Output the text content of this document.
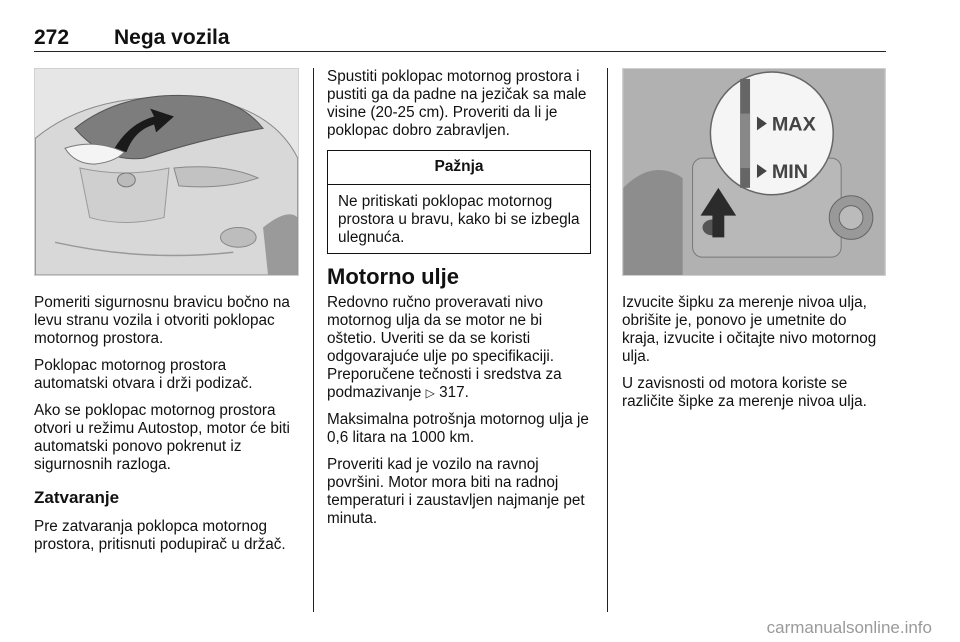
272 Nega vozila

Pomeriti sigurnosnu bravicu bočno na levu stranu vozila i otvoriti poklopac motornog prostora.

Poklopac motornog prostora automatski otvara i drži podizač.

Ako se poklopac motornog prostora otvori u režimu Autostop, motor će biti automatski ponovo pokrenut iz sigurnosnih razloga.

Zatvaranje

Pre zatvaranja poklopca motornog prostora, pritisnuti podupirač u držač.

Spustiti poklopac motornog prostora i pustiti ga da padne na jezičak sa male visine (20-25 cm). Proveriti da li je poklopac dobro zabravljen.

Pažnja
Ne pritiskati poklopac motornog prostora u bravu, kako bi se izbegla ulegnuća.
Motorno ulje

Redovno ručno proveravati nivo motornog ulja da se motor ne bi oštetio. Uveriti se da se koristi odgovarajuće ulje po specifikaciji. Preporučene tečnosti i sredstva za podmazivanje ▷ 317.

Maksimalna potrošnja motornog ulja je 0,6 litara na 1000 km.

Proveriti kad je vozilo na ravnoj površini. Motor mora biti na radnoj temperaturi i zaustavljen najmanje pet minuta.

MAX
MIN

Izvucite šipku za merenje nivoa ulja, obrišite je, ponovo je umetnite do kraja, izvucite i očitajte nivo motornog ulja.

U zavisnosti od motora koriste se različite šipke za merenje nivoa ulja.

carmanualsonline.info
